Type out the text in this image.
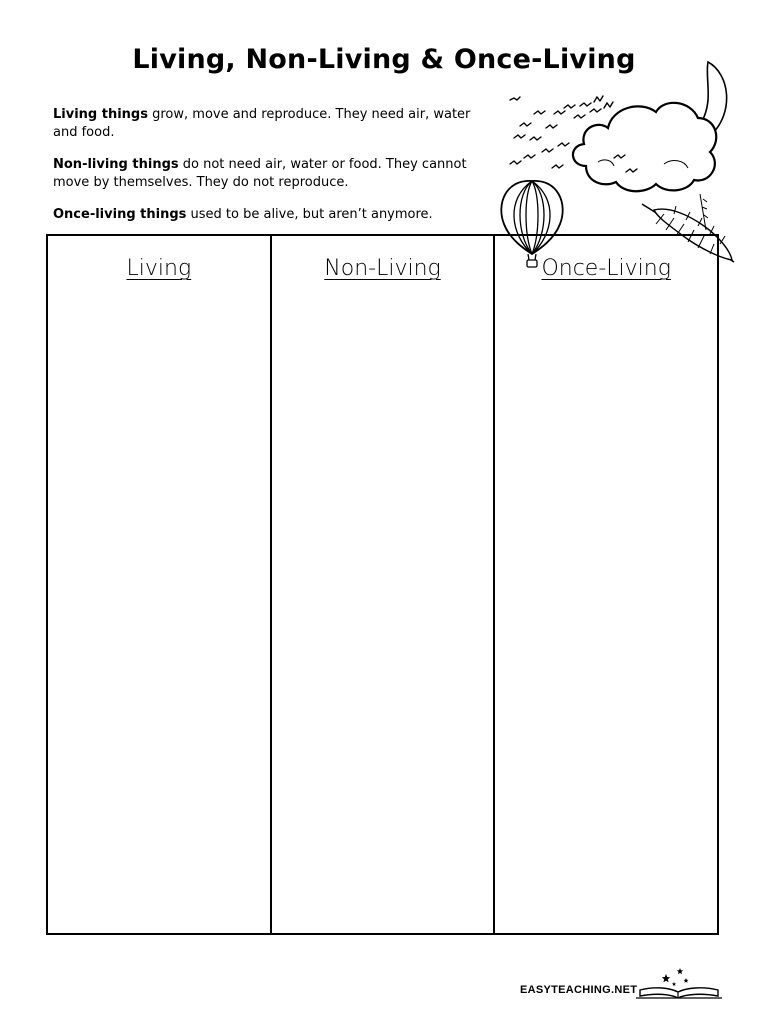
Living, Non-Living & Once-Living
Living things grow, move and reproduce. They need air, water and food.
Non-living things do not need air, water or food. They cannot move by themselves. They do not reproduce.
Once-living things used to be alive, but aren’t anymore.
Living	Non-Living	Once-Living
EASYTEACHING.NET
